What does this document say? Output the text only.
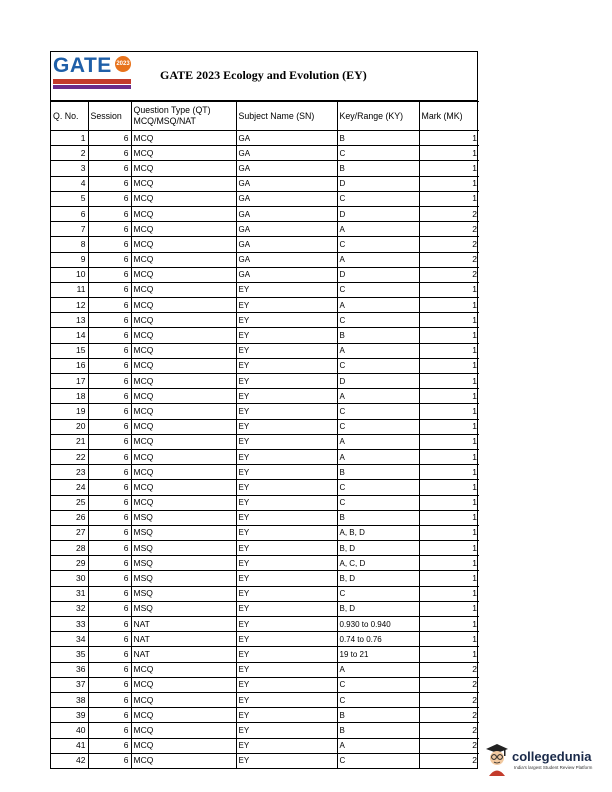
GATE 2023
GATE 2023 Ecology and Evolution (EY)
Q. No.	Session	Question Type (QT) MCQ/MSQ/NAT	Subject Name (SN)	Key/Range (KY)	Mark (MK)
1	6	MCQ	GA	B	1
2	6	MCQ	GA	C	1
3	6	MCQ	GA	B	1
4	6	MCQ	GA	D	1
5	6	MCQ	GA	C	1
6	6	MCQ	GA	D	2
7	6	MCQ	GA	A	2
8	6	MCQ	GA	C	2
9	6	MCQ	GA	A	2
10	6	MCQ	GA	D	2
11	6	MCQ	EY	C	1
12	6	MCQ	EY	A	1
13	6	MCQ	EY	C	1
14	6	MCQ	EY	B	1
15	6	MCQ	EY	A	1
16	6	MCQ	EY	C	1
17	6	MCQ	EY	D	1
18	6	MCQ	EY	A	1
19	6	MCQ	EY	C	1
20	6	MCQ	EY	C	1
21	6	MCQ	EY	A	1
22	6	MCQ	EY	A	1
23	6	MCQ	EY	B	1
24	6	MCQ	EY	C	1
25	6	MCQ	EY	C	1
26	6	MSQ	EY	B	1
27	6	MSQ	EY	A, B, D	1
28	6	MSQ	EY	B, D	1
29	6	MSQ	EY	A, C, D	1
30	6	MSQ	EY	B, D	1
31	6	MSQ	EY	C	1
32	6	MSQ	EY	B, D	1
33	6	NAT	EY	0.930 to 0.940	1
34	6	NAT	EY	0.74 to 0.76	1
35	6	NAT	EY	19 to 21	1
36	6	MCQ	EY	A	2
37	6	MCQ	EY	C	2
38	6	MCQ	EY	C	2
39	6	MCQ	EY	B	2
40	6	MCQ	EY	B	2
41	6	MCQ	EY	A	2
42	6	MCQ	EY	C	2	collegedunia
India's largest Student Review Platform
